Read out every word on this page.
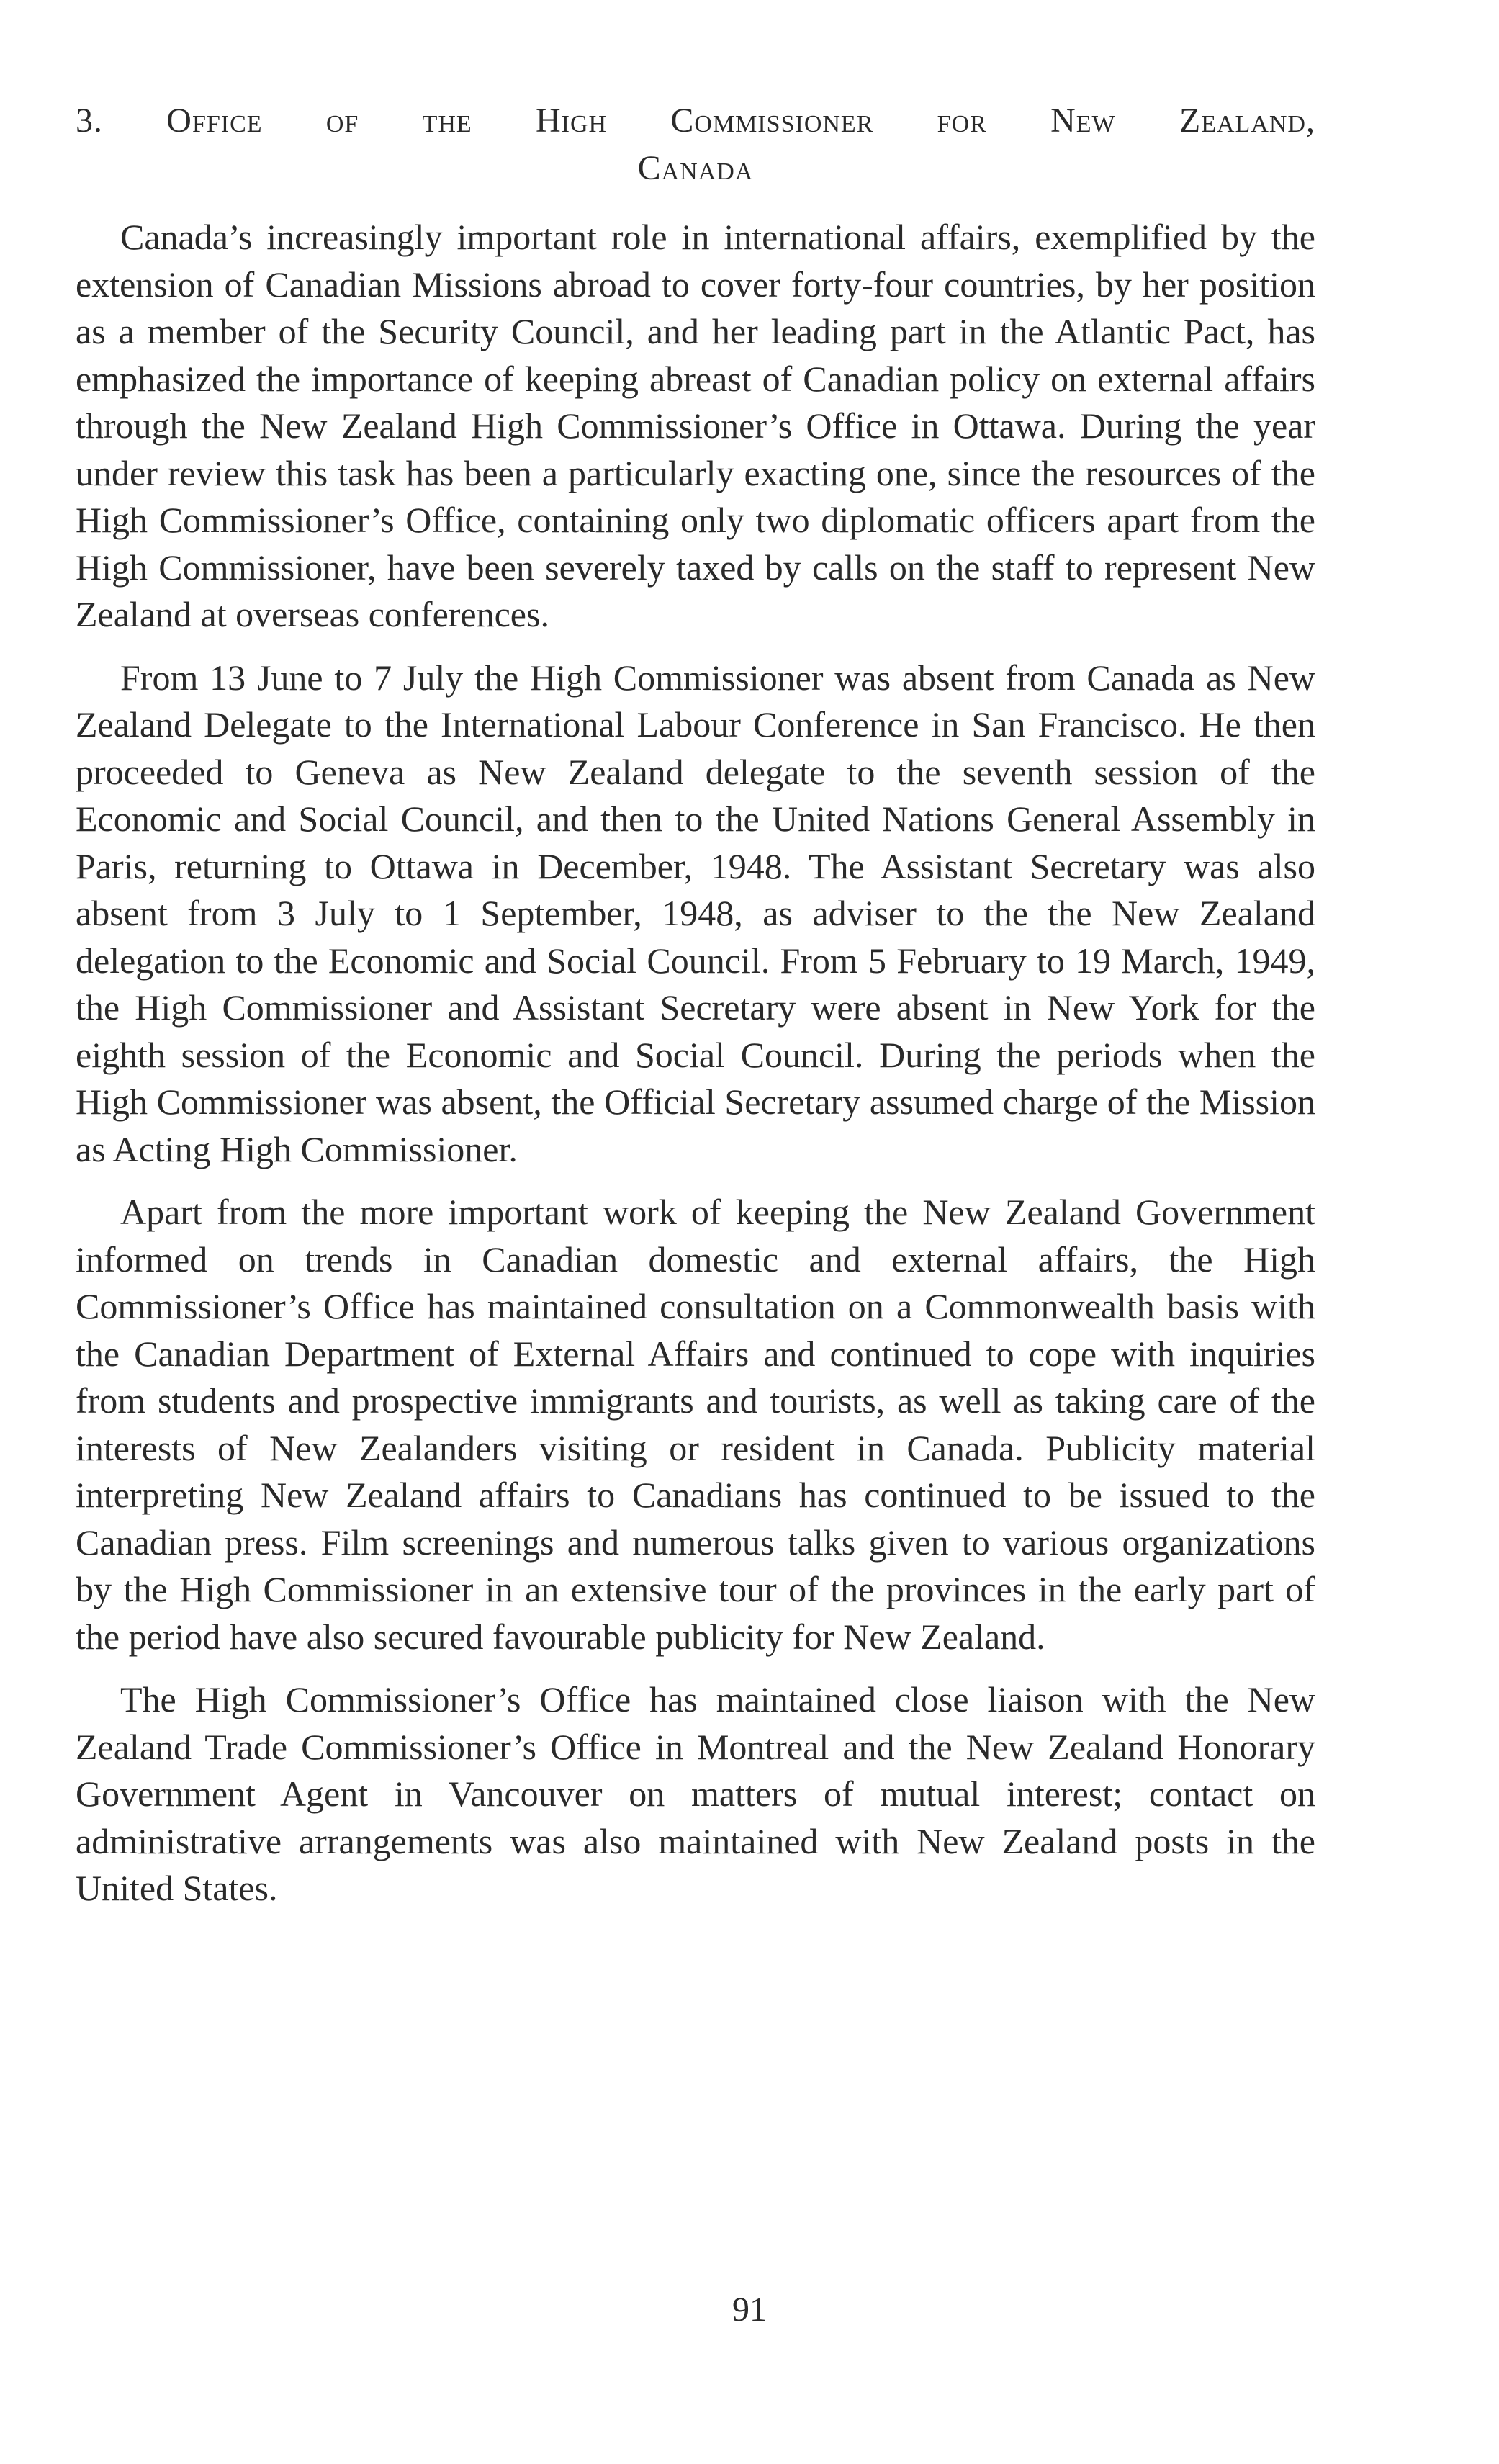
3. Office of the High Commissioner for New Zealand,
Canada

Canada’s increasingly important role in international affairs, exemplified by the extension of Canadian Missions abroad to cover forty-four countries, by her position as a member of the Security Council, and her leading part in the Atlantic Pact, has emphasized the importance of keeping abreast of Canadian policy on external affairs through the New Zealand High Commissioner’s Office in Ottawa. During the year under review this task has been a particularly exacting one, since the resources of the High Commissioner’s Office, containing only two diplomatic officers apart from the High Commissioner, have been severely taxed by calls on the staff to represent New Zealand at overseas conferences.

From 13 June to 7 July the High Commissioner was absent from Canada as New Zealand Delegate to the International Labour Conference in San Francisco. He then proceeded to Geneva as New Zealand delegate to the seventh session of the Economic and Social Council, and then to the United Nations General Assembly in Paris, returning to Ottawa in December, 1948. The Assistant Secretary was also absent from 3 July to 1 September, 1948, as adviser to the the New Zealand delegation to the Economic and Social Council. From 5 February to 19 March, 1949, the High Commissioner and Assistant Secretary were absent in New York for the eighth session of the Economic and Social Council. During the periods when the High Commissioner was absent, the Official Secretary assumed charge of the Mission as Acting High Commissioner.

Apart from the more important work of keeping the New Zealand Government informed on trends in Canadian domestic and external affairs, the High Commissioner’s Office has maintained consultation on a Commonwealth basis with the Canadian Department of External Affairs and continued to cope with inquiries from students and prospective immigrants and tourists, as well as taking care of the interests of New Zealanders visiting or resident in Canada. Publicity material interpreting New Zealand affairs to Canadians has continued to be issued to the Canadian press. Film screenings and numerous talks given to various organizations by the High Commissioner in an extensive tour of the provinces in the early part of the period have also secured favourable publicity for New Zealand.

The High Commissioner’s Office has maintained close liaison with the New Zealand Trade Commissioner’s Office in Montreal and the New Zealand Honorary Government Agent in Vancouver on matters of mutual interest; contact on administrative arrangements was also maintained with New Zealand posts in the United States.

91
